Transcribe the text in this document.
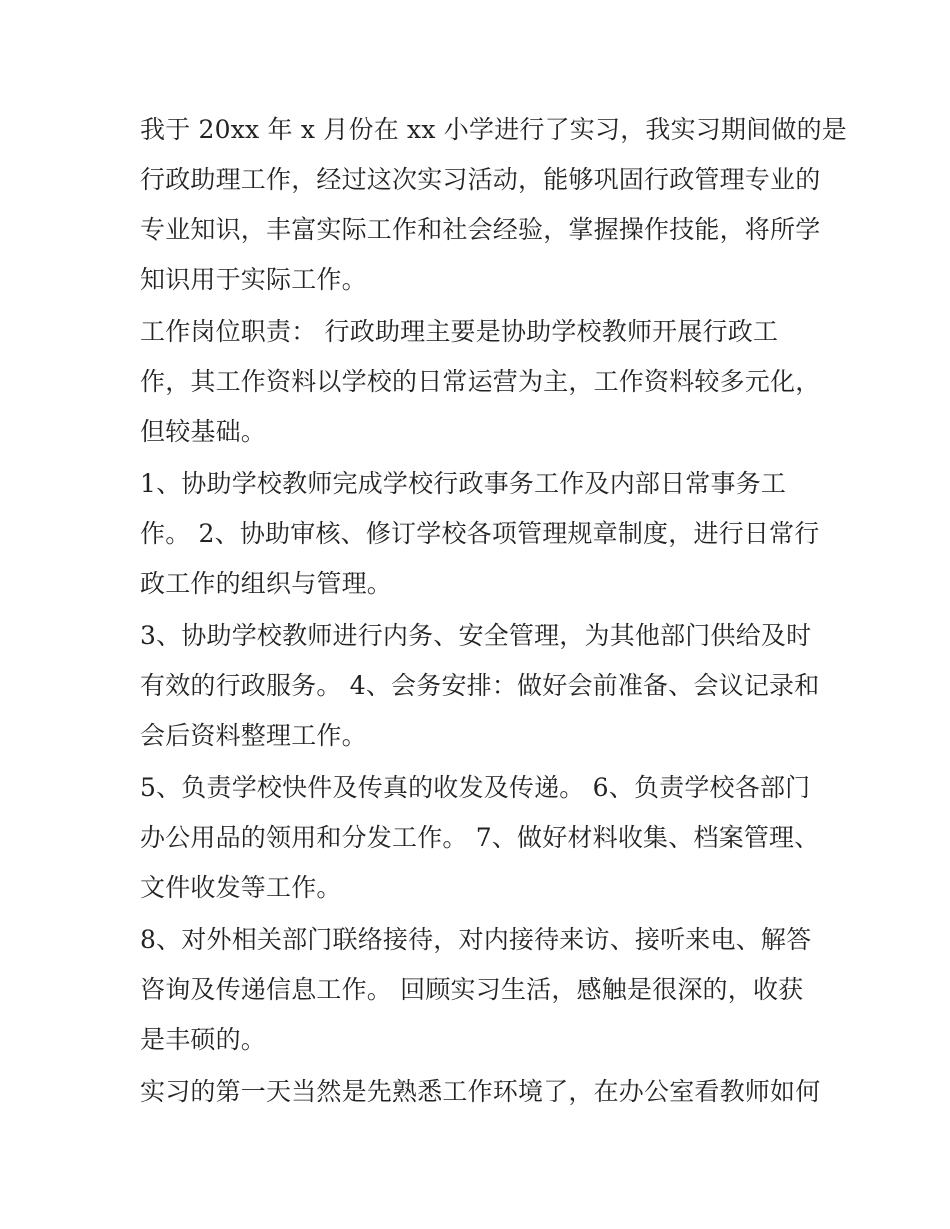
我于 20xx 年 x 月份在 xx 小学进行了实习，我实习期间做的是
行政助理工作，经过这次实习活动，能够巩固行政管理专业的
专业知识，丰富实际工作和社会经验，掌握操作技能，将所学
知识用于实际工作。
工作岗位职责： 行政助理主要是协助学校教师开展行政工
作，其工作资料以学校的日常运营为主，工作资料较多元化，
但较基础。
1、协助学校教师完成学校行政事务工作及内部日常事务工
作。 2、协助审核、修订学校各项管理规章制度，进行日常行
政工作的组织与管理。
3、协助学校教师进行内务、安全管理，为其他部门供给及时
有效的行政服务。 4、会务安排：做好会前准备、会议记录和
会后资料整理工作。
5、负责学校快件及传真的收发及传递。 6、负责学校各部门
办公用品的领用和分发工作。 7、做好材料收集、档案管理、
文件收发等工作。
8、对外相关部门联络接待，对内接待来访、接听来电、解答
咨询及传递信息工作。 回顾实习生活，感触是很深的，收获
是丰硕的。
实习的第一天当然是先熟悉工作环境了，在办公室看教师如何
